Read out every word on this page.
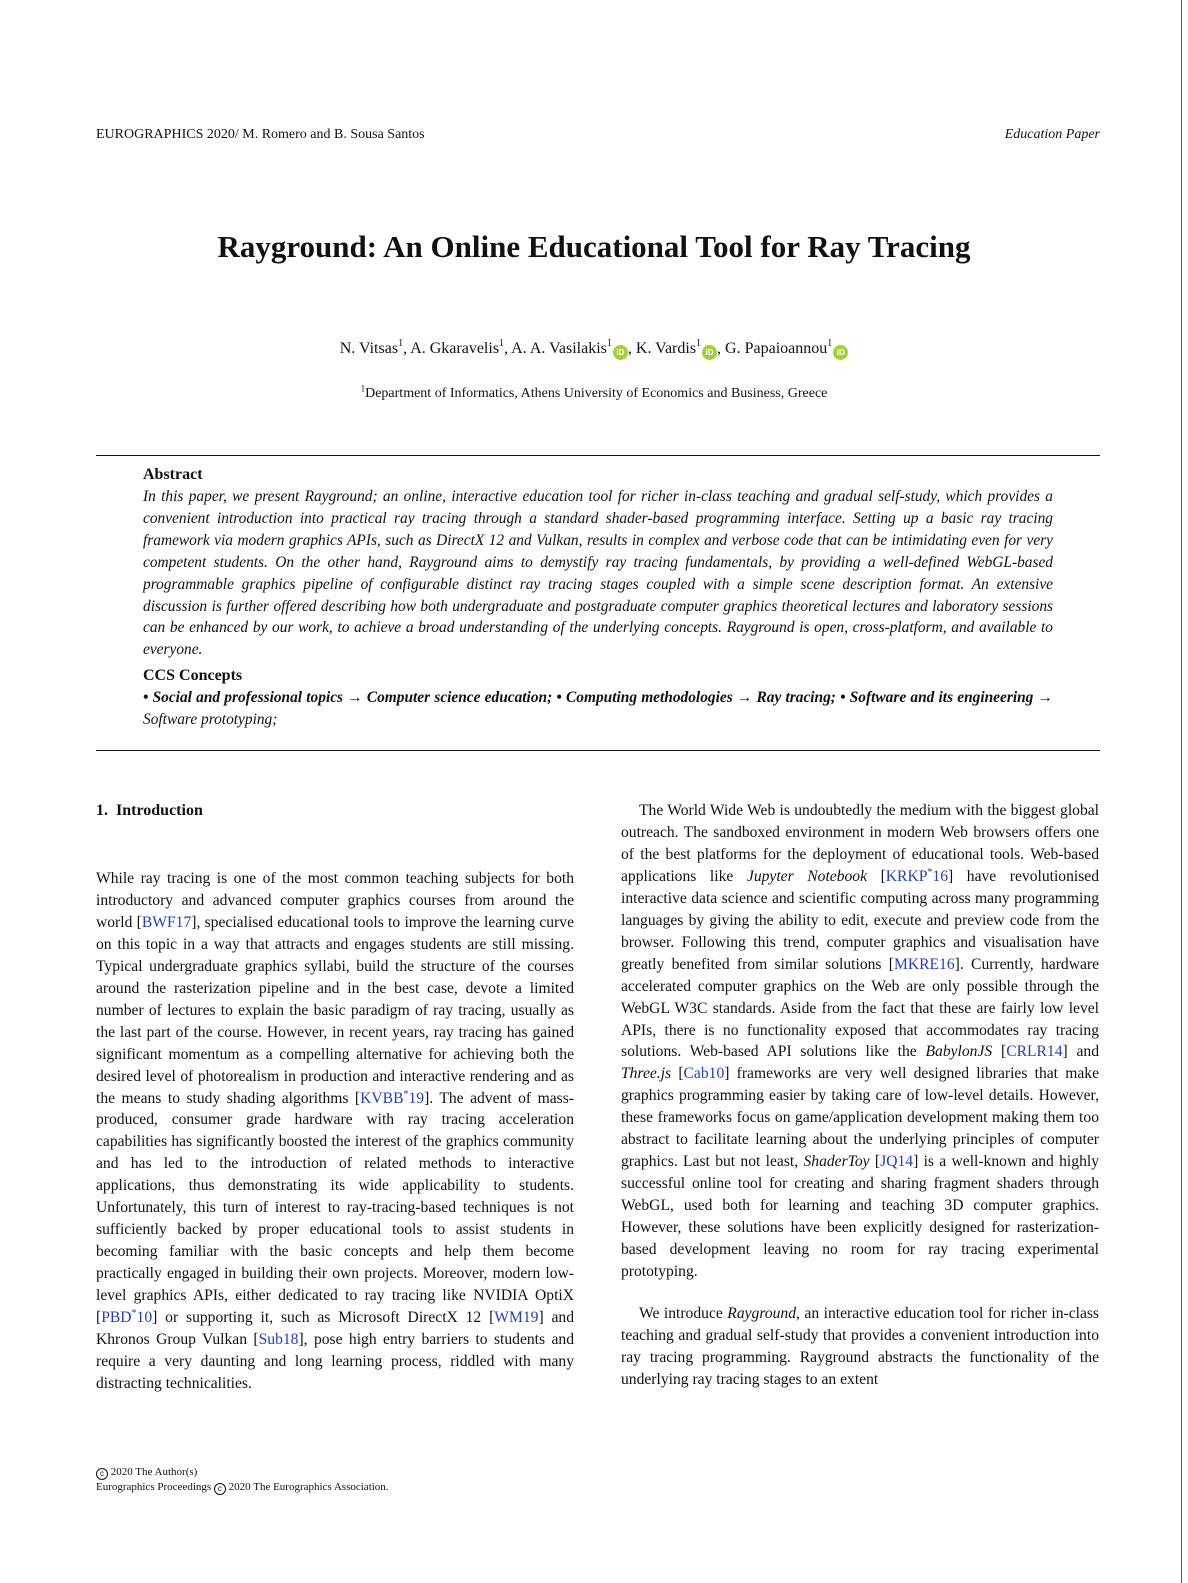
EUROGRAPHICS 2020/ M. Romero and B. Sousa Santos	Education Paper
Rayground: An Online Educational Tool for Ray Tracing
N. Vitsas$^1$, A. Gkaravelis$^1$, A. A. Vasilakis$^1$iD , K. Vardis$^1$iD , G. Papaioannou$^1$iD
$^1$Department of Informatics, Athens University of Economics and Business, Greece
Abstract

In this paper, we present Rayground; an online, interactive education tool for richer in-class teaching and gradual self-study, which provides a convenient introduction into practical ray tracing through a standard shader-based programming interface. Setting up a basic ray tracing framework via modern graphics APIs, such as DirectX 12 and Vulkan, results in complex and verbose code that can be intimidating even for very competent students. On the other hand, Rayground aims to demystify ray tracing fundamentals, by providing a well-defined WebGL-based programmable graphics pipeline of configurable distinct ray tracing stages coupled with a simple scene description format. An extensive discussion is further offered describing how both undergraduate and postgraduate computer graphics theoretical lectures and laboratory sessions can be enhanced by our work, to achieve a broad understanding of the underlying concepts. Rayground is open, cross-platform, and available to everyone.

CCS Concepts

• Social and professional topics → Computer science education; • Computing methodologies → Ray tracing; • Software and its engineering → Software prototyping;

1. Introduction

While ray tracing is one of the most common teaching subjects for both introductory and advanced computer graphics courses from around the world [BWF17], specialised educational tools to improve the learning curve on this topic in a way that attracts and engages students are still missing. Typical undergraduate graphics syllabi, build the structure of the courses around the rasterization pipeline and in the best case, devote a limited number of lectures to explain the basic paradigm of ray tracing, usually as the last part of the course. However, in recent years, ray tracing has gained significant momentum as a compelling alternative for achieving both the desired level of photorealism in production and interactive rendering and as the means to study shading algorithms [KVBB*19]. The advent of mass-produced, consumer grade hardware with ray tracing acceleration capabilities has significantly boosted the interest of the graphics community and has led to the introduction of related methods to interactive applications, thus demonstrating its wide applicability to students. Unfortunately, this turn of interest to ray-tracing-based techniques is not sufficiently backed by proper educational tools to assist students in becoming familiar with the basic concepts and help them become practically engaged in building their own projects. Moreover, modern low-level graphics APIs, either dedicated to ray tracing like NVIDIA OptiX [PBD*10] or supporting it, such as Microsoft DirectX 12 [WM19] and Khronos Group Vulkan [Sub18], pose high entry barriers to students and require a very daunting and long learning process, riddled with many distracting technicalities.

The World Wide Web is undoubtedly the medium with the biggest global outreach. The sandboxed environment in modern Web browsers offers one of the best platforms for the deployment of educational tools. Web-based applications like Jupyter Notebook [KRKP*16] have revolutionised interactive data science and scientific computing across many programming languages by giving the ability to edit, execute and preview code from the browser. Following this trend, computer graphics and visualisation have greatly benefited from similar solutions [MKRE16]. Currently, hardware accelerated computer graphics on the Web are only possible through the WebGL W3C standards. Aside from the fact that these are fairly low level APIs, there is no functionality exposed that accommodates ray tracing solutions. Web-based API solutions like the BabylonJS [CRLR14] and Three.js [Cab10] frameworks are very well designed libraries that make graphics programming easier by taking care of low-level details. However, these frameworks focus on game/application development making them too abstract to facilitate learning about the underlying principles of computer graphics. Last but not least, ShaderToy [JQ14] is a well-known and highly successful online tool for creating and sharing fragment shaders through WebGL, used both for learning and teaching 3D computer graphics. However, these solutions have been explicitly designed for rasterization-based development leaving no room for ray tracing experimental prototyping.

We introduce Rayground, an interactive education tool for richer in-class teaching and gradual self-study that provides a convenient introduction into ray tracing programming. Rayground abstracts the functionality of the underlying ray tracing stages to an extent

c 2020 The Author(s)
Eurographics Proceedings c 2020 The Eurographics Association.
